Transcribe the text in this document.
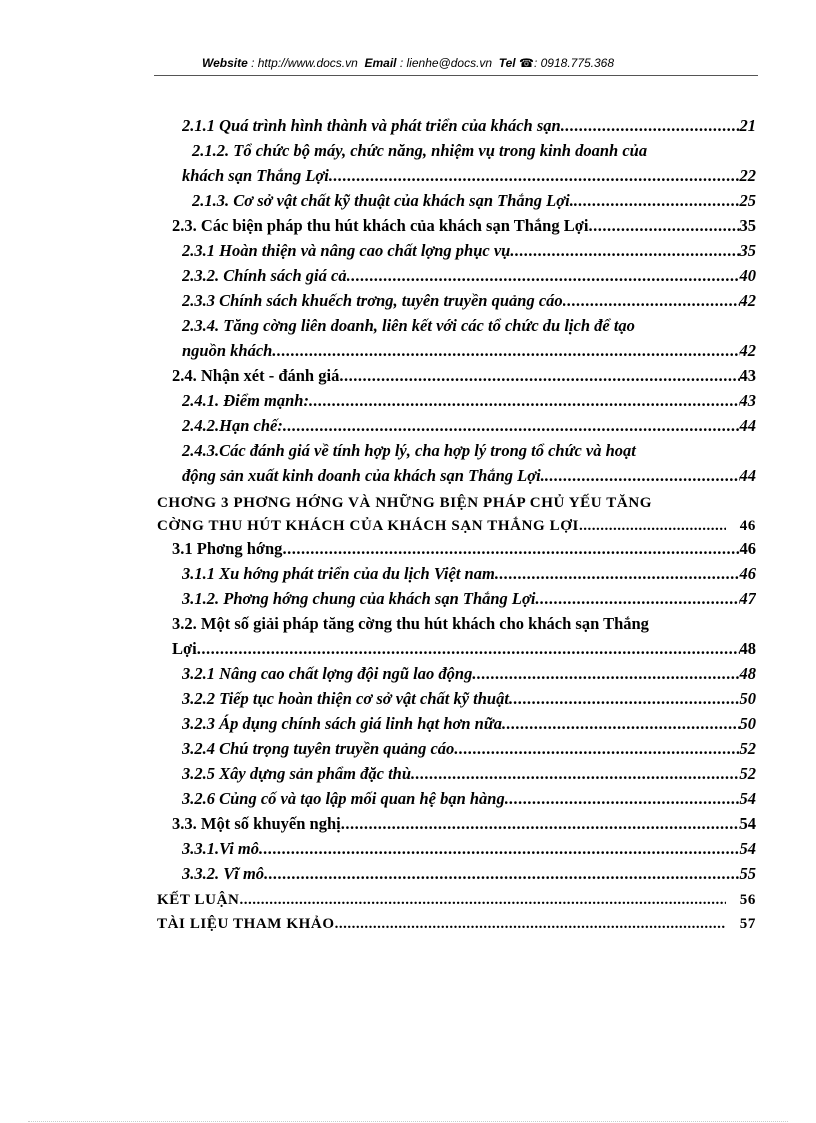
Website : http://www.docs.vn Email : lienhe@docs.vn Tel ☎: 0918.775.368
2.1.1 Quá trình hình thành và phát triển của khách sạn .....	21
2.1.2. Tổ chức bộ máy, chức năng, nhiệm vụ trong kinh doanh của
khách sạn Thắng Lợi .....	22
2.1.3. Cơ sở vật chất kỹ thuật của khách sạn Thắng Lợi. .....	25
2.3. Các biện pháp thu hút khách của khách sạn Thắng Lợi .....	35
2.3.1 Hoàn thiện và nâng cao chất lợng phục vụ .....	35
2.3.2. Chính sách giá cả .....	40
2.3.3 Chính sách khuếch trơng, tuyên truyền quảng cáo .....	42
2.3.4. Tăng cờng liên doanh, liên kết với các tổ chức du lịch để tạo
nguồn khách .....	42
2.4. Nhận xét - đánh giá .....	43
2.4.1. Điểm mạnh: .....	43
2.4.2.Hạn chế: .....	44
2.4.3.Các đánh giá về tính hợp lý, cha hợp lý trong tổ chức và hoạt
động sản xuất kinh doanh của khách sạn Thắng Lợi. .....	44
CHƠNG 3 PHƠNG HỚNG VÀ NHỮNG BIỆN PHÁP CHỦ YẾU TĂNG
CỜNG THU HÚT KHÁCH CỦA KHÁCH SẠN THẮNG LỢI .....	46
3.1 Phơng hớng .....	46
3.1.1 Xu hớng phát triển của du lịch Việt nam .....	46
3.1.2. Phơng hớng chung của khách sạn Thắng Lợi .....	47
3.2. Một số giải pháp tăng cờng thu hút khách cho khách sạn Thắng
Lợi .....	48
3.2.1 Nâng cao chất lợng đội ngũ lao động .....	48
3.2.2 Tiếp tục hoàn thiện cơ sở vật chất kỹ thuật .....	50
3.2.3 Áp dụng chính sách giá linh hạt hơn nữa .....	50
3.2.4 Chú trọng tuyên truyền quảng cáo .....	52
3.2.5 Xây dựng sản phẩm đặc thù .....	52
3.2.6 Củng cố và tạo lập mối quan hệ bạn hàng .....	54
3.3. Một số khuyến nghị .....	54
3.3.1.Vi mô .....	54
3.3.2. Vĩ mô .....	55
KẾT LUẬN .....	56
TÀI LIỆU THAM KHẢO .....	57
